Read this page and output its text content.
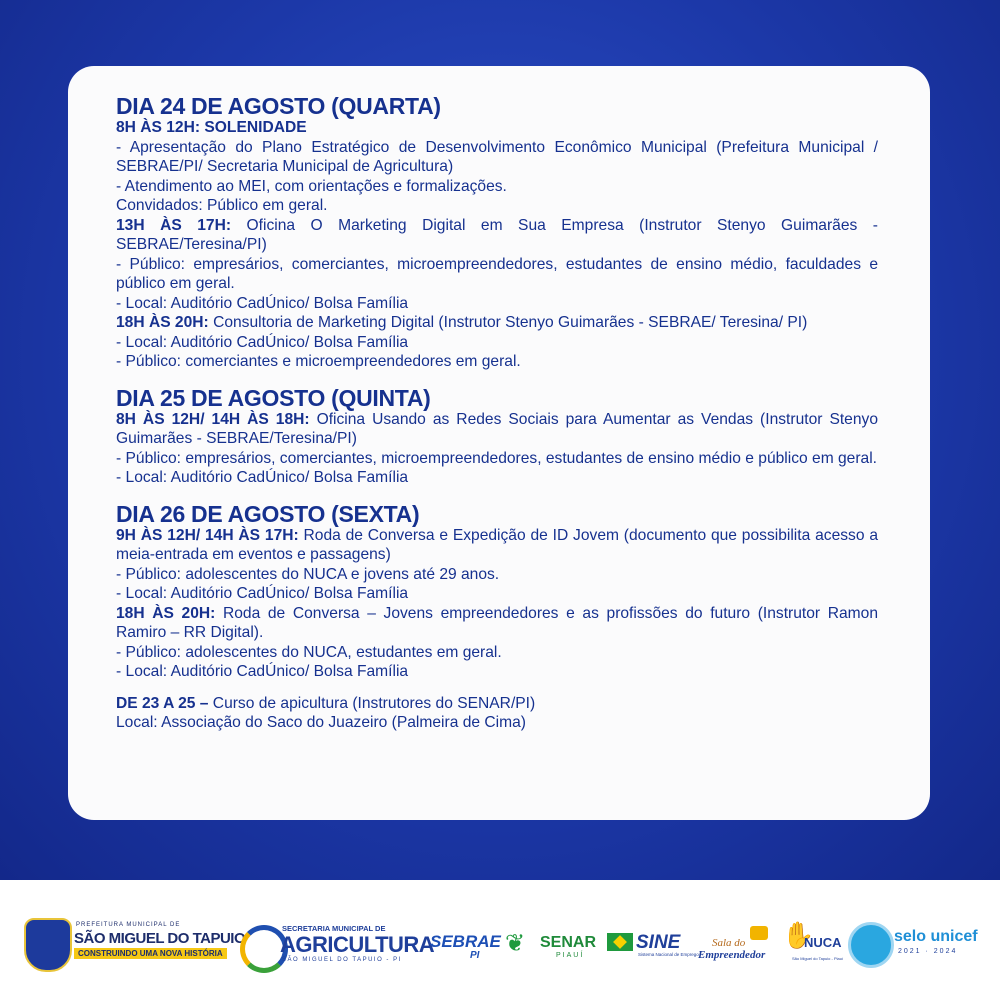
DIA 24 DE AGOSTO (QUARTA)
8H ÀS 12H: SOLENIDADE
- Apresentação do Plano Estratégico de Desenvolvimento Econômico Municipal (Prefeitura Municipal / SEBRAE/PI/ Secretaria Municipal de Agricultura)
- Atendimento ao MEI, com orientações e formalizações.
Convidados: Público em geral.
13H ÀS 17H: Oficina O Marketing Digital em Sua Empresa (Instrutor Stenyo Guimarães - SEBRAE/Teresina/PI)
- Público: empresários, comerciantes, microempreendedores, estudantes de ensino médio, faculdades e público em geral.
- Local: Auditório CadÚnico/ Bolsa Família
18H ÀS 20H: Consultoria de Marketing Digital (Instrutor Stenyo Guimarães - SEBRAE/ Teresina/ PI)
- Local: Auditório CadÚnico/ Bolsa Família
- Público: comerciantes e microempreendedores em geral.
DIA 25 DE AGOSTO (QUINTA)
8H ÀS 12H/ 14H ÀS 18H: Oficina Usando as Redes Sociais para Aumentar as Vendas (Instrutor Stenyo Guimarães - SEBRAE/Teresina/PI)
- Público: empresários, comerciantes, microempreendedores, estudantes de ensino médio e público em geral.
- Local: Auditório CadÚnico/ Bolsa Família
DIA 26 DE AGOSTO (SEXTA)
9H ÀS 12H/ 14H ÀS 17H: Roda de Conversa e Expedição de ID Jovem (documento que possibilita acesso a meia-entrada em eventos e passagens)
- Público: adolescentes do NUCA e jovens até 29 anos.
- Local: Auditório CadÚnico/ Bolsa Família
18H ÀS 20H: Roda de Conversa – Jovens empreendedores e as profissões do futuro (Instrutor Ramon Ramiro – RR Digital).
- Público: adolescentes do NUCA, estudantes em geral.
- Local: Auditório CadÚnico/ Bolsa Família
DE 23 A 25 – Curso de apicultura (Instrutores do SENAR/PI)
Local: Associação do Saco do Juazeiro (Palmeira de Cima)
PREFEITURA MUNICIPAL DE
SÃO MIGUEL DO TAPUIO
CONSTRUINDO UMA NOVA HISTÓRIA
SECRETARIA MUNICIPAL DE
AGRICULTURA
SÃO MIGUEL DO TAPUIO - PI
SEBRAE
PI ❦ SENAR
PIAUÍ
SINE
Sistema Nacional de Emprego
Sala do
Empreendedor
✋
NUCA
São Miguel do Tapuio - Piauí
selo unicef
2021 · 2024
